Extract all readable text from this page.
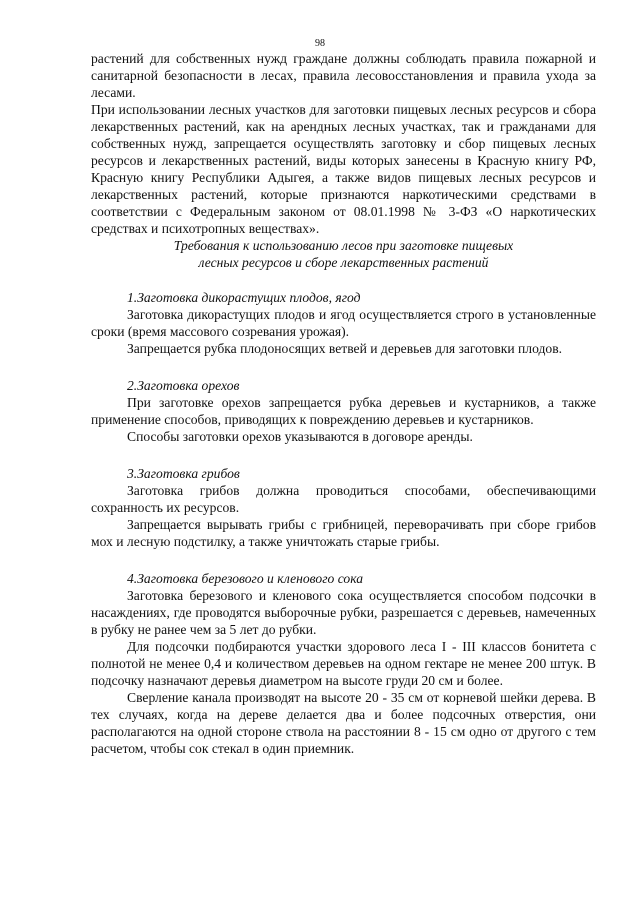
98

растений для собственных нужд граждане должны соблюдать правила пожарной и санитарной безопасности в лесах, правила лесовосстановления и правила ухода за лесами.

При использовании лесных участков для заготовки пищевых лесных ресурсов и сбора лекарственных растений, как на арендных лесных участках, так и гражданами для собственных нужд, запрещается осуществлять заготовку и сбор пищевых лесных ресурсов и лекарственных растений, виды которых занесены в Красную книгу РФ, Красную книгу Республики Адыгея, а также видов пищевых лесных ресурсов и лекарственных растений, которые признаются наркотическими средствами в соответствии с Федеральным законом от 08.01.1998 № 3-ФЗ «О наркотических средствах и психотропных веществах».

Требования к использованию лесов при заготовке пищевых

лесных ресурсов и сборе лекарственных растений

1.Заготовка дикорастущих плодов, ягод

Заготовка дикорастущих плодов и ягод осуществляется строго в установленные сроки (время массового созревания урожая).

Запрещается рубка плодоносящих ветвей и деревьев для заготовки плодов.

2.Заготовка орехов

При заготовке орехов запрещается рубка деревьев и кустарников, а также применение способов, приводящих к повреждению деревьев и кустарников.

Способы заготовки орехов указываются в договоре аренды.

3.Заготовка грибов

Заготовка грибов должна проводиться способами, обеспечивающими сохранность их ресурсов.

Запрещается вырывать грибы с грибницей, переворачивать при сборе грибов мох и лесную подстилку, а также уничтожать старые грибы.

4.Заготовка березового и кленового сока

Заготовка березового и кленового сока осуществляется способом подсочки в насаждениях, где проводятся выборочные рубки, разрешается с деревьев, намеченных в рубку не ранее чем за 5 лет до рубки.

Для подсочки подбираются участки здорового леса I - III классов бонитета с полнотой не менее 0,4 и количеством деревьев на одном гектаре не менее 200 штук. В подсочку назначают деревья диаметром на высоте груди 20 см и более.

Сверление канала производят на высоте 20 - 35 см от корневой шейки дерева. В тех случаях, когда на дереве делается два и более подсочных отверстия, они располагаются на одной стороне ствола на расстоянии 8 - 15 см одно от другого с тем расчетом, чтобы сок стекал в один приемник.
